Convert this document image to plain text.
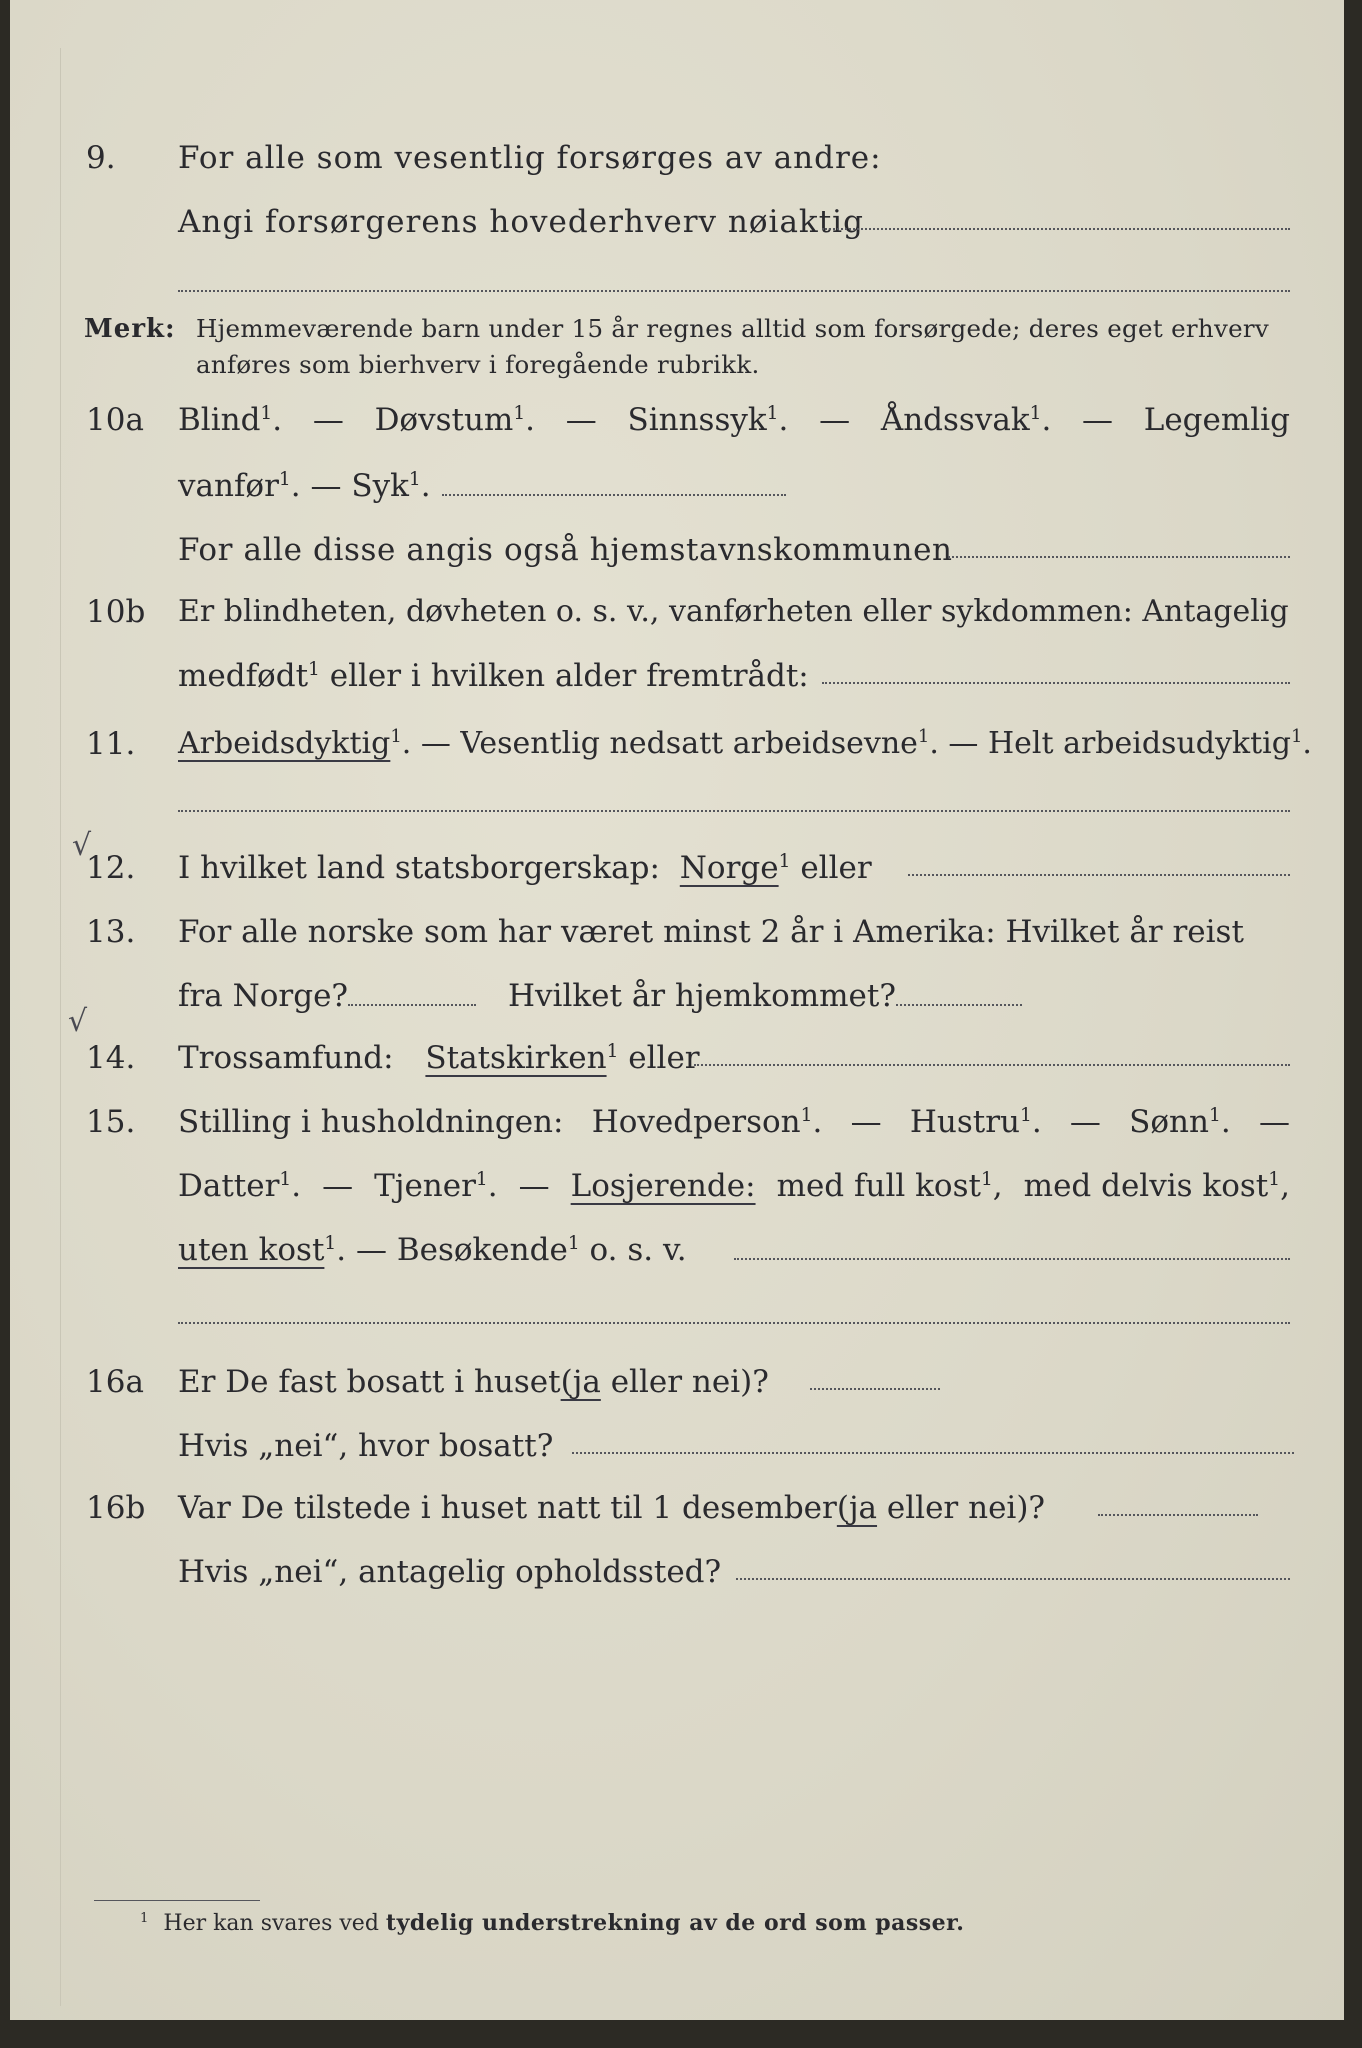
9. For alle som vesentlig forsørges av andre:
Angi forsørgerens hovederhverv nøiaktig
Merk: Hjemmeværende barn under 15 år regnes alltid som forsørgede; deres eget erhverv
anføres som bierhverv i foregående rubrikk.
10a Blind$^1$. — Døvstum$^1$. — Sinnssyk$^1$. — Åndssvak$^1$. — Legemlig
vanfør$^1$. — Syk$^1$.
For alle disse angis også hjemstavnskommunen
10b Er blindheten, døvheten o. s. v., vanførheten eller sykdommen: Antagelig
medfødt$^1$ eller i hvilken alder fremtrådt:
11. Arbeidsdyktig$^1$. — Vesentlig nedsatt arbeidsevne$^1$. — Helt arbeidsudyktig$^1$.
√
12. I hvilket land statsborgerskap: Norge$^1$ eller
13. For alle norske som har været minst 2 år i Amerika: Hvilket år reist
fra Norge?	Hvilket år hjemkommet?
√
14. Trossamfund: Statskirken$^1$ eller
15. Stilling i husholdningen: Hovedperson$^1$. — Hustru$^1$. — Sønn$^1$. —
Datter$^1$. — Tjener$^1$. — Losjerende: med full kost$^1$, med delvis kost$^1$,
uten kost$^1$. — Besøkende$^1$ o. s. v.
16a Er De fast bosatt i huset(ja eller nei)?
Hvis „nei“, hvor bosatt?
16b Var De tilstede i huset natt til 1 desember(ja eller nei)?
Hvis „nei“, antagelig opholdssted?
$^1$ Her kan svares ved tydelig understrekning av de ord som passer.
